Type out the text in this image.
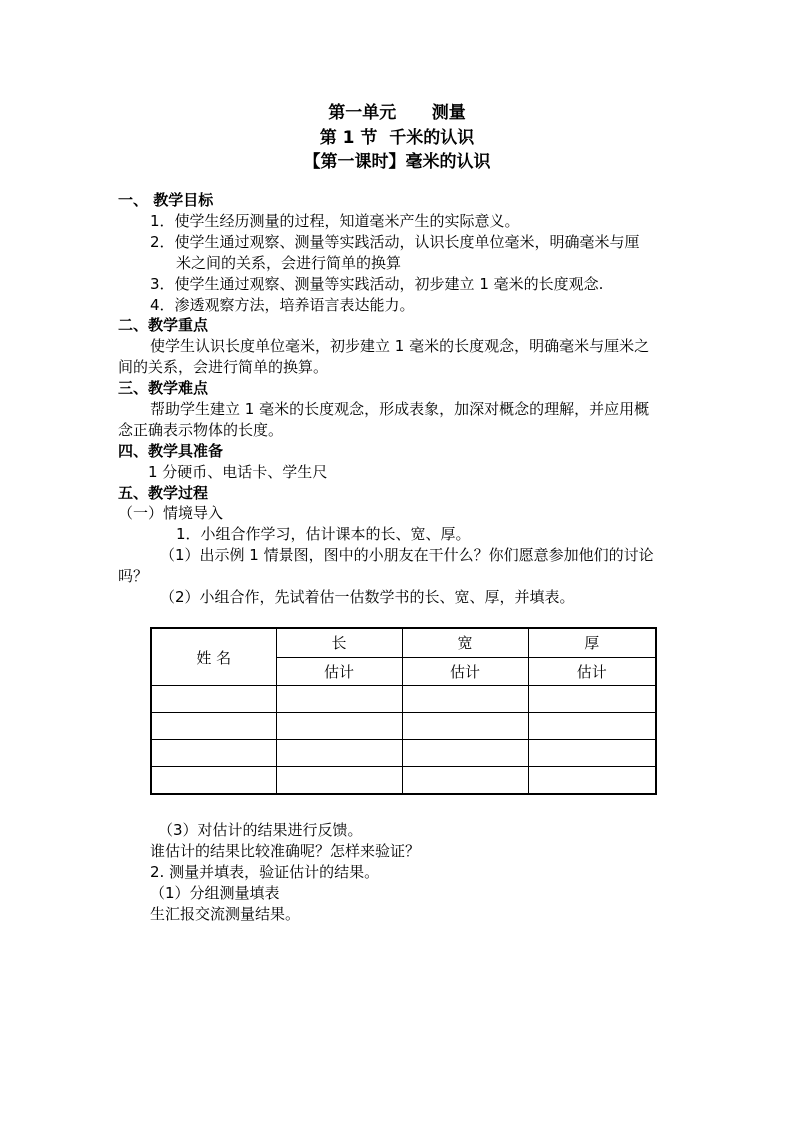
第一单元      测量
第 1 节  千米的认识
【第一课时】毫米的认识
一、 教学目标
1．使学生经历测量的过程，知道毫米产生的实际意义。
2．使学生通过观察、测量等实践活动，认识长度单位毫米，明确毫米与厘
米之间的关系，会进行简单的换算
3．使学生通过观察、测量等实践活动，初步建立 1 毫米的长度观念.
4．渗透观察方法，培养语言表达能力。
二、教学重点
使学生认识长度单位毫米，初步建立 1 毫米的长度观念，明确毫米与厘米之
间的关系，会进行简单的换算。
三、教学难点
帮助学生建立 1 毫米的长度观念，形成表象，加深对概念的理解，并应用概
念正确表示物体的长度。
四、教学具准备
1 分硬币、电话卡、学生尺
五、教学过程
（一）情境导入
1．小组合作学习，估计课本的长、宽、厚。
（1）出示例 1 情景图，图中的小朋友在干什么？你们愿意参加他们的讨论
吗？
（2）小组合作，先试着估一估数学书的长、宽、厚，并填表。
姓 名	长	宽	厚
	估计	估计	估计

（3）对估计的结果进行反馈。
谁估计的结果比较准确呢？怎样来验证？
2. 测量并填表，验证估计的结果。
（1）分组测量填表
生汇报交流测量结果。
